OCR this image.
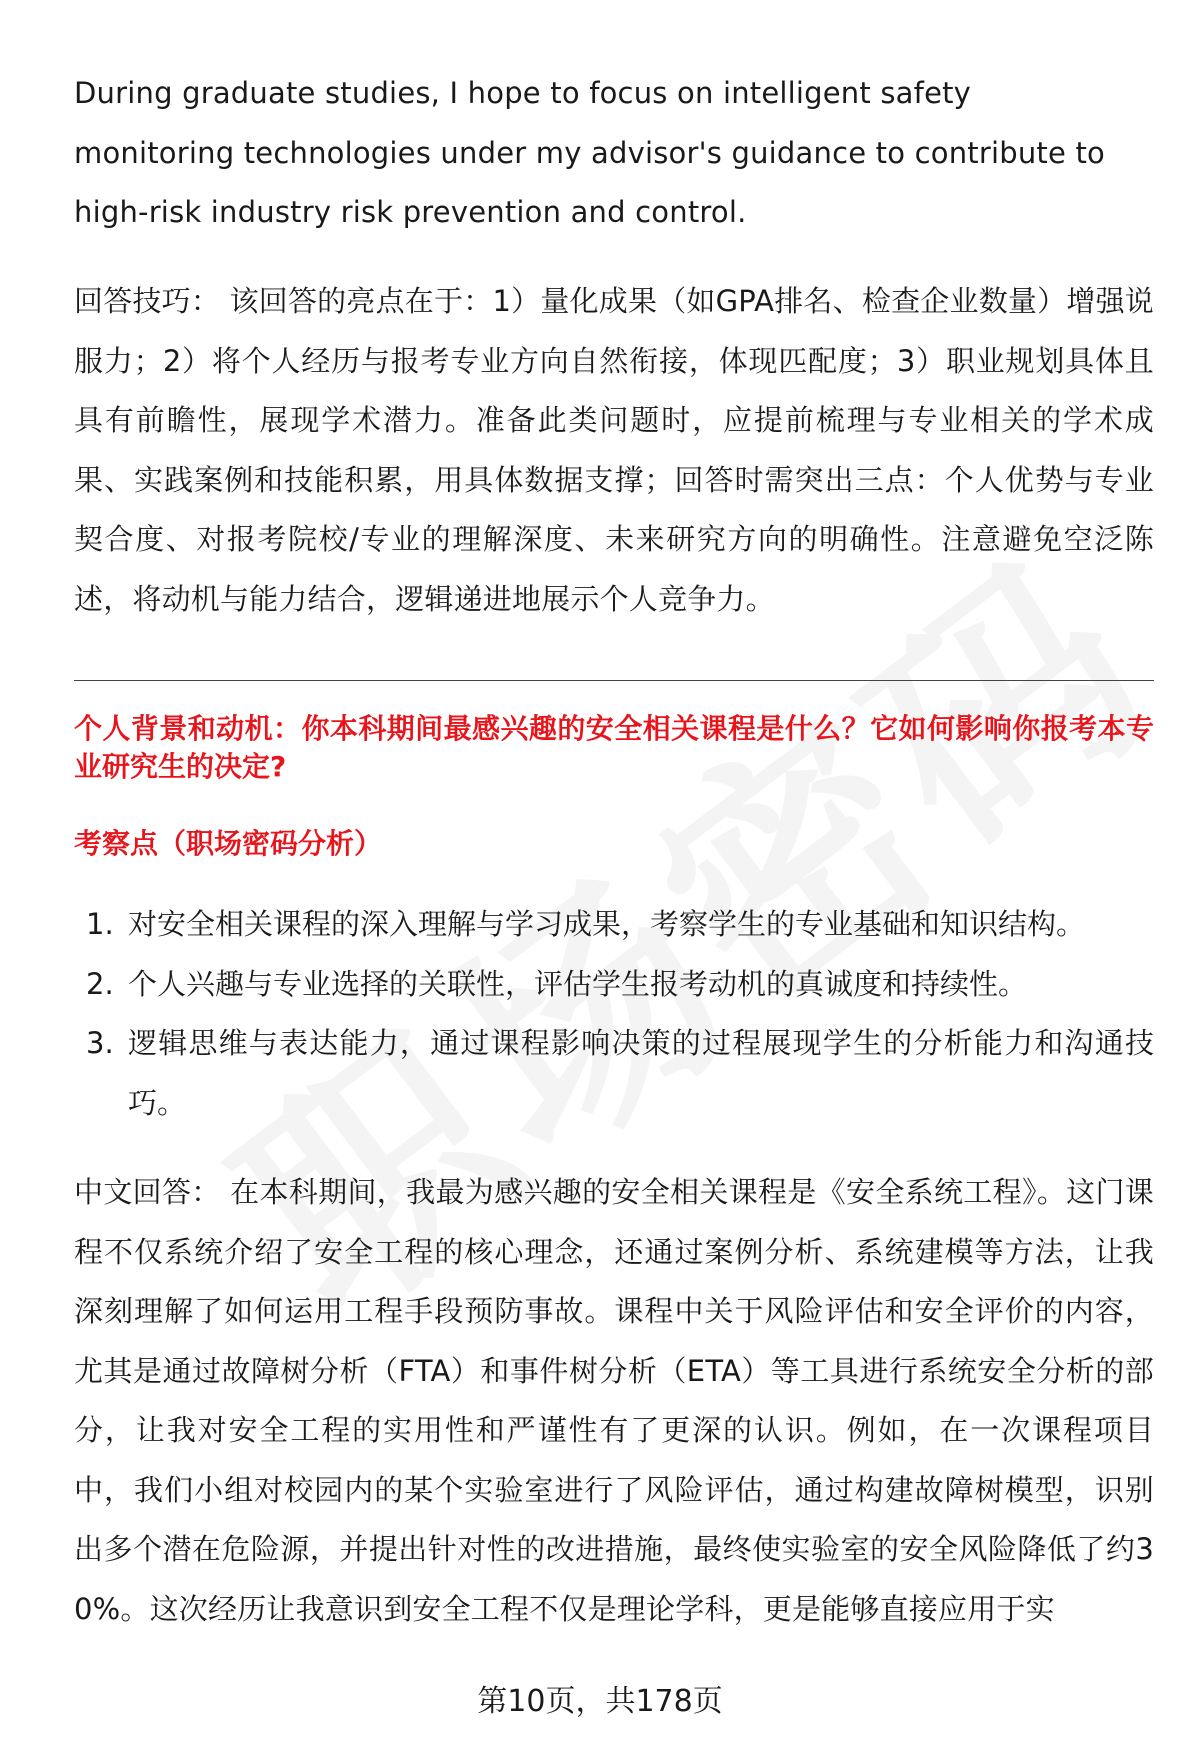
During graduate studies, I hope to focus on intelligent safety monitoring technologies under my advisor's guidance to contribute to high-risk industry risk prevention and control.

回答技巧： 该回答的亮点在于：1）量化成果（如GPA排名、检查企业数量）增强说服力；2）将个人经历与报考专业方向自然衔接，体现匹配度；3）职业规划具体且具有前瞻性，展现学术潜力。准备此类问题时，应提前梳理与专业相关的学术成果、实践案例和技能积累，用具体数据支撑；回答时需突出三点：个人优势与专业契合度、对报考院校/专业的理解深度、未来研究方向的明确性。注意避免空泛陈述，将动机与能力结合，逻辑递进地展示个人竞争力。

个人背景和动机：你本科期间最感兴趣的安全相关课程是什么？它如何影响你报考本专业研究生的决定?
考察点（职场密码分析）
1. 对安全相关课程的深入理解与学习成果，考察学生的专业基础和知识结构。
2. 个人兴趣与专业选择的关联性，评估学生报考动机的真诚度和持续性。
3. 逻辑思维与表达能力，通过课程影响决策的过程展现学生的分析能力和沟通技巧。

中文回答： 在本科期间，我最为感兴趣的安全相关课程是《安全系统工程》。这门课程不仅系统介绍了安全工程的核心理念，还通过案例分析、系统建模等方法，让我深刻理解了如何运用工程手段预防事故。课程中关于风险评估和安全评价的内容，尤其是通过故障树分析（FTA）和事件树分析（ETA）等工具进行系统安全分析的部分，让我对安全工程的实用性和严谨性有了更深的认识。例如，在一次课程项目中，我们小组对校园内的某个实验室进行了风险评估，通过构建故障树模型，识别出多个潜在危险源，并提出针对性的改进措施，最终使实验室的安全风险降低了约30%。这次经历让我意识到安全工程不仅是理论学科，更是能够直接应用于实

第10页，共178页
